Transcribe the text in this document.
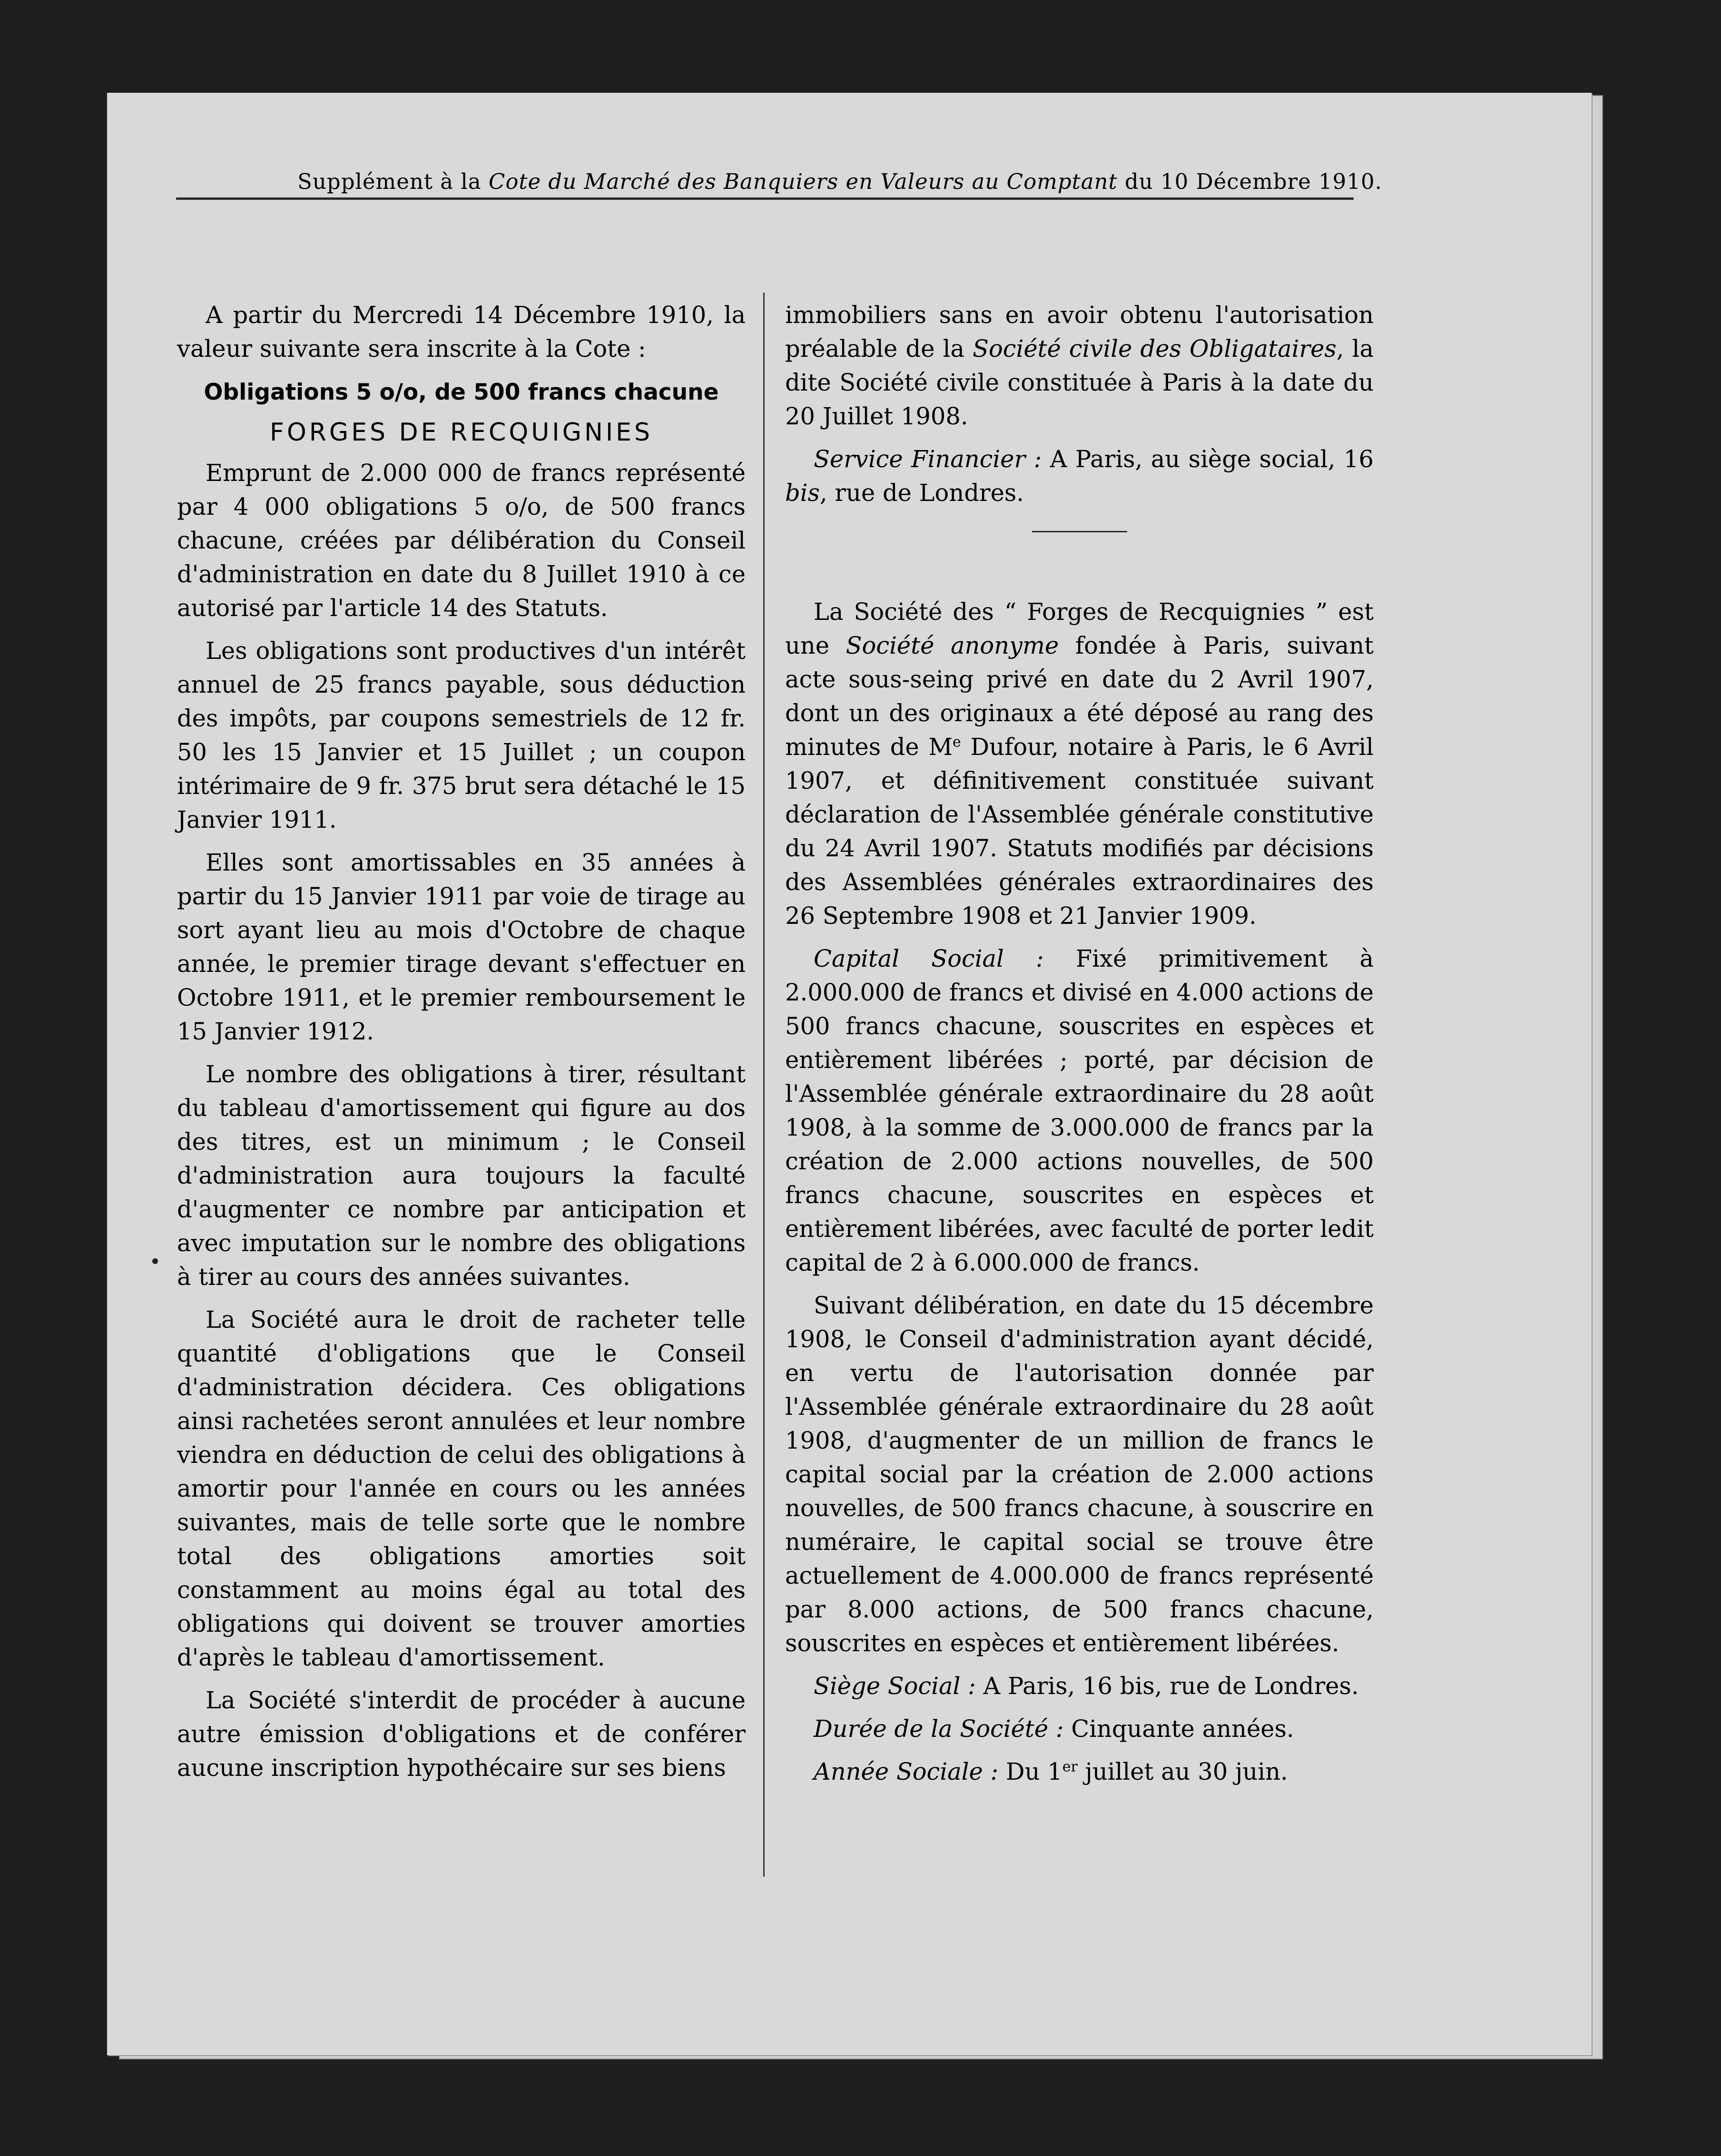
Supplément à la Cote du Marché des Banquiers en Valeurs au Comptant du 10 Décembre 1910.

A partir du Mercredi 14 Décembre 1910, la valeur suivante sera inscrite à la Cote :

Obligations 5 o/o, de 500 francs chacune

FORGES DE RECQUIGNIES

Emprunt de 2.000 000 de francs représenté par 4 000 obligations 5 o/o, de 500 francs chacune, créées par délibération du Conseil d'administration en date du 8 Juillet 1910 à ce autorisé par l'article 14 des Statuts.

Les obligations sont productives d'un intérêt annuel de 25 francs payable, sous déduction des impôts, par coupons semestriels de 12 fr. 50 les 15 Janvier et 15 Juillet ; un coupon intérimaire de 9 fr. 375 brut sera détaché le 15 Janvier 1911.

Elles sont amortissables en 35 années à partir du 15 Janvier 1911 par voie de tirage au sort ayant lieu au mois d'Octobre de chaque année, le premier tirage devant s'effectuer en Octobre 1911, et le premier remboursement le 15 Janvier 1912.

Le nombre des obligations à tirer, résultant du tableau d'amortissement qui figure au dos des titres, est un minimum ; le Conseil d'administration aura toujours la faculté d'augmenter ce nombre par anticipation et avec imputation sur le nombre des obligations à tirer au cours des années suivantes.

La Société aura le droit de racheter telle quantité d'obligations que le Conseil d'administration décidera. Ces obligations ainsi rachetées seront annulées et leur nombre viendra en déduction de celui des obligations à amortir pour l'année en cours ou les années suivantes, mais de telle sorte que le nombre total des obligations amorties soit constamment au moins égal au total des obligations qui doivent se trouver amorties d'après le tableau d'amortissement.

La Société s'interdit de procéder à aucune autre émission d'obligations et de conférer aucune inscription hypothécaire sur ses biens

immobiliers sans en avoir obtenu l'autorisation préalable de la Société civile des Obligataires, la dite Société civile constituée à Paris à la date du 20 Juillet 1908.

Service Financier : A Paris, au siège social, 16 bis, rue de Londres.

La Société des “ Forges de Recquignies ” est une Société anonyme fondée à Paris, suivant acte sous-seing privé en date du 2 Avril 1907, dont un des originaux a été déposé au rang des minutes de Me Dufour, notaire à Paris, le 6 Avril 1907, et définitivement constituée suivant déclaration de l'Assemblée générale constitutive du 24 Avril 1907. Statuts modifiés par décisions des Assemblées générales extraordinaires des 26 Septembre 1908 et 21 Janvier 1909.

Capital Social : Fixé primitivement à 2.000.000 de francs et divisé en 4.000 actions de 500 francs chacune, souscrites en espèces et entièrement libérées ; porté, par décision de l'Assemblée générale extraordinaire du 28 août 1908, à la somme de 3.000.000 de francs par la création de 2.000 actions nouvelles, de 500 francs chacune, souscrites en espèces et entièrement libérées, avec faculté de porter ledit capital de 2 à 6.000.000 de francs.

Suivant délibération, en date du 15 décembre 1908, le Conseil d'administration ayant décidé, en vertu de l'autorisation donnée par l'Assemblée générale extraordinaire du 28 août 1908, d'augmenter de un million de francs le capital social par la création de 2.000 actions nouvelles, de 500 francs chacune, à souscrire en numéraire, le capital social se trouve être actuellement de 4.000.000 de francs représenté par 8.000 actions, de 500 francs chacune, souscrites en espèces et entièrement libérées.

Siège Social : A Paris, 16 bis, rue de Londres.

Durée de la Société : Cinquante années.

Année Sociale : Du 1er juillet au 30 juin.
